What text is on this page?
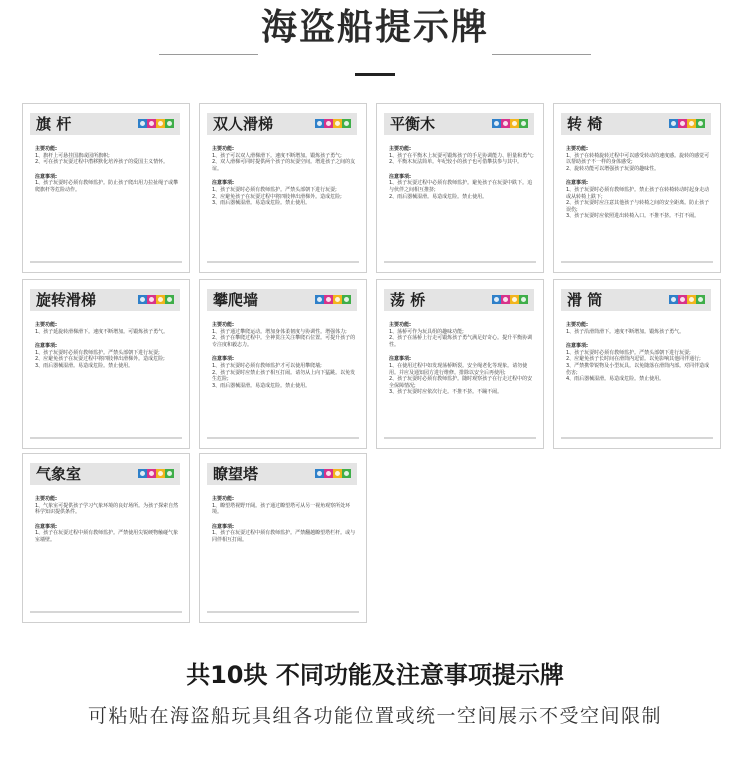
海盗船提示牌
旗 杆
主要功能:
1、旗杆上可悬挂国旗或园所旗帜;
2、可在孩子玩耍过程中潜移默化培养孩子的爱国主义情怀。
注意事项:
1、孩子玩耍时必须有教师监护。防止孩子爬出用力拉扯绳子或攀爬旗杆等危险动作。
双人滑梯
主要功能:
1、孩子可以双人滑梯滑下。速度不断增加。锻炼孩子勇气;
2、双人滑梯可同时提供两个孩子的玩耍空间。增进孩子之间的友谊。
注意事项:
1、孩子玩耍时必须有教师监护。严禁头部朝下进行玩耍;
2、应避免孩子在玩耍过程中将四肢伸出滑梯外。造成危险;
3、雨后器械湿滑。易造成危险。禁止使用。
平衡木
主要功能:
1、孩子在平衡木上玩耍可锻炼孩子的手足协调能力、胆量和勇气;
2、平衡木玩法简单。年纪较小的孩子也可借攀扶参与其中。
注意事项:
1、孩子玩耍过程中必须有教师监护。避免孩子在玩耍中跌下。追与伙伴之间相互推挤;
2、雨后器械湿滑。易造成危险。禁止使用。
转 椅
主要功能:
1、孩子在转椅旋转过程中可以感受转动的速度感。旋转的感觉可以帮助孩子不一样的身体感受;
2、旋转功能可以增强孩子玩耍的趣味性。
注意事项:
1、孩子玩耍时必须有教师监护。禁止孩子在转椅转动时起身走动或从转椅上跌下;
2、孩子玩耍时应注意其他孩子与转椅之间的安全距离。防止孩子误伤;
3、孩子玩耍时应依照进出转椅入口。不推不挤。不打不闹。
旋转滑梯
主要功能:
1、孩子延旋转滑梯滑下。速度不断增加。可锻炼孩子勇气。
注意事项:
1、孩子玩耍时必须有教师监护。严禁头部朝下进行玩耍;
2、应避免孩子在玩耍过程中将四肢伸出滑梯外。造成危险;
3、雨后器械湿滑。易造成危险。禁止使用。
攀爬墙
主要功能:
1、孩子通过攀爬运动。增加身体柔韧度与协调性。增强体力;
2、孩子在攀爬过程中。全神贯注关注攀爬石位置。可提升孩子的专注度和毅志力。
注意事项:
1、孩子玩耍时必须有教师监护才可以使用攀爬墙;
2、孩子玩耍时应禁止孩子相互打闹。请勿从上向下猛跳。以免发生危险;
3、雨后器械湿滑。易造成危险。禁止使用。
荡 桥
主要功能:
1、荡桥可作为玩具组的趣味功能;
2、孩子在荡桥上行走可锻炼孩子勇气满足好奇心。提升平衡协调性。
注意事项:
1、在使用过程中如发现荡桥断裂。安全绳老化等现象。请勿使用。并应及通知园方进行维修。排除以安全后再使用;
2、孩子玩耍时必须有教师监护。随时观察孩子在行走过程中的安全保障情况;
3、孩子玩耍时应依次行走。不推不挤。不蹦不闹。
滑 筒
主要功能:
1、孩子沿滑筒滑下。速度不断增加。锻炼孩子勇气。
注意事项:
1、孩子玩耍时必须有教师监护。严禁头部朝下进行玩耍;
2、应避免孩子长时间在滑筒内逗留。以免影响其他同伴通行;
3、严禁携带锐物及小型玩具。以免随落在滑筒内部。对同伴造成伤害;
4、雨后器械湿滑。易造成危险。禁止使用。
气象室
主要功能:
1、气象室可提供孩子学习气象环境的良好场所。为孩子探索自然科学知识提供条件。
注意事项:
1、孩子在玩耍过程中须有教师监护。严禁使用尖锐硬物触碰气象室墙壁。
瞭望塔
主要功能:
1、瞭望塔视野开阔。孩子通过瞭望塔可从另一视角观察所处环境。
注意事项:
1、孩子在玩耍过程中须有教师监护。严禁翻越瞭望塔栏杆。或与同伴相互打闹。
共10块 不同功能及注意事项提示牌
可粘贴在海盗船玩具组各功能位置或统一空间展示不受空间限制
